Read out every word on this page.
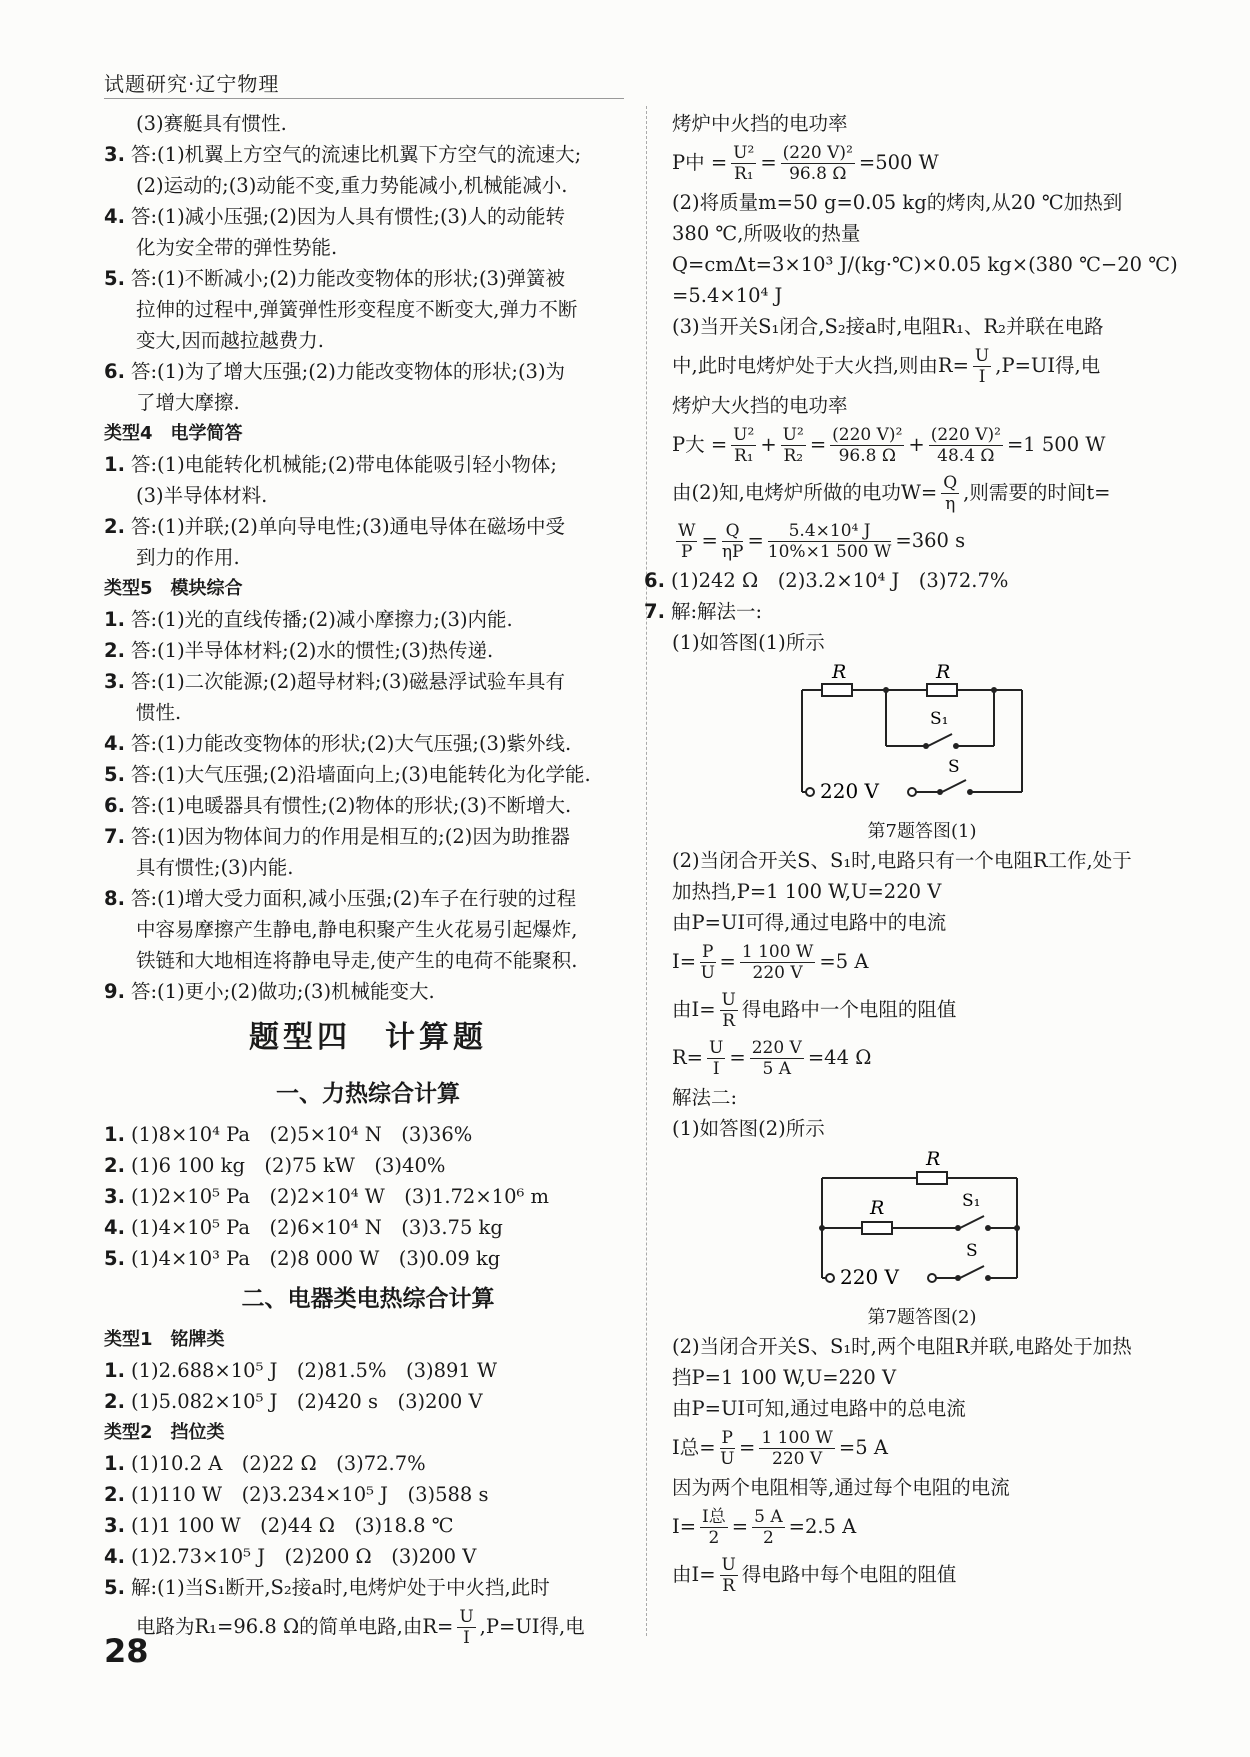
试题研究·辽宁物理
(3)赛艇具有惯性.
3. 答:(1)机翼上方空气的流速比机翼下方空气的流速大;
(2)运动的;(3)动能不变,重力势能减小,机械能减小.
4. 答:(1)减小压强;(2)因为人具有惯性;(3)人的动能转
化为安全带的弹性势能.
5. 答:(1)不断减小;(2)力能改变物体的形状;(3)弹簧被
拉伸的过程中,弹簧弹性形变程度不断变大,弹力不断
变大,因而越拉越费力.
6. 答:(1)为了增大压强;(2)力能改变物体的形状;(3)为
了增大摩擦.
类型4　电学简答
1. 答:(1)电能转化机械能;(2)带电体能吸引轻小物体;
(3)半导体材料.
2. 答:(1)并联;(2)单向导电性;(3)通电导体在磁场中受
到力的作用.
类型5　模块综合
1. 答:(1)光的直线传播;(2)减小摩擦力;(3)内能.
2. 答:(1)半导体材料;(2)水的惯性;(3)热传递.
3. 答:(1)二次能源;(2)超导材料;(3)磁悬浮试验车具有
惯性.
4. 答:(1)力能改变物体的形状;(2)大气压强;(3)紫外线.
5. 答:(1)大气压强;(2)沿墙面向上;(3)电能转化为化学能.
6. 答:(1)电暖器具有惯性;(2)物体的形状;(3)不断增大.
7. 答:(1)因为物体间力的作用是相互的;(2)因为助推器
具有惯性;(3)内能.
8. 答:(1)增大受力面积,减小压强;(2)车子在行驶的过程
中容易摩擦产生静电,静电积聚产生火花易引起爆炸,
铁链和大地相连将静电导走,使产生的电荷不能聚积.
9. 答:(1)更小;(2)做功;(3)机械能变大.
题型四　计算题
一、力热综合计算
1. (1)8×10⁴ Pa　(2)5×10⁴ N　(3)36%
2. (1)6 100 kg　(2)75 kW　(3)40%
3. (1)2×10⁵ Pa　(2)2×10⁴ W　(3)1.72×10⁶ m
4. (1)4×10⁵ Pa　(2)6×10⁴ N　(3)3.75 kg
5. (1)4×10³ Pa　(2)8 000 W　(3)0.09 kg
二、电器类电热综合计算
类型1　铭牌类
1. (1)2.688×10⁵ J　(2)81.5%　(3)891 W
2. (1)5.082×10⁵ J　(2)420 s　(3)200 V
类型2　挡位类
1. (1)10.2 A　(2)22 Ω　(3)72.7%
2. (1)110 W　(2)3.234×10⁵ J　(3)588 s
3. (1)1 100 W　(2)44 Ω　(3)18.8 ℃
4. (1)2.73×10⁵ J　(2)200 Ω　(3)200 V
5. 解:(1)当S₁断开,S₂接a时,电烤炉处于中火挡,此时
电路为R₁=96.8 Ω的简单电路,由$R= \frac{U}{I} ,P=UI$得,电
烤炉中火挡的电功率
P中 = $\frac{\text{U²}}{\text{R₁}} = \frac{\text{(220 V)²}}{96.8 \Omega} =500$ W
(2)将质量m=50 g=0.05 kg的烤肉,从20 ℃加热到
380 ℃,所吸收的热量
Q=cmΔt=3×10³ J/(kg·℃)×0.05 kg×(380 ℃−20 ℃)
=5.4×10⁴ J
(3)当开关S₁闭合,S₂接a时,电阻R₁、R₂并联在电路
中,此时电烤炉处于大火挡,则由$R= \frac{U}{I} ,P=UI$得,电
烤炉大火挡的电功率
P大 = $\frac{\text{U²}}{\text{R₁}} + \frac{\text{U²}}{\text{R₂}} = \frac{\text{(220 V)²}}{96.8 \Omega} + \frac{\text{(220 V)²}}{48.4 \Omega} =1$ 500 W
由(2)知,电烤炉所做的电功$W= \frac{Q}{\eta}$ ,则需要的时间t=
$\frac{W}{P} = \frac{Q}{\eta P} = \frac{\text{5.4×10⁴ J}}{10\%\times 1 500 W} =360$ s
6. (1)242 Ω　(2)3.2×10⁴ J　(3)72.7%
7. 解:解法一:
(1)如答图(1)所示
R	R
S₁
220 V
S
第7题答图(1)
(2)当闭合开关S、S₁时,电路只有一个电阻R工作,处于
加热挡,P=1 100 W,U=220 V
由P=UI可得,通过电路中的电流
$I= \frac{P}{U} = \frac{1 100 W}{220 V} =5$ A
由$I= \frac{U}{R}$ 得电路中一个电阻的阻值
$R= \frac{U}{I} = \frac{220 V}{5 A} =44$ Ω
解法二:
(1)如答图(2)所示
R
R	S₁
220 V
S
第7题答图(2)
(2)当闭合开关S、S₁时,两个电阻R并联,电路处于加热
挡P=1 100 W,U=220 V
由P=UI可知,通过电路中的总电流
I总= $\frac{P}{U} = \frac{1 100 W}{220 V} =5$ A
因为两个电阻相等,通过每个电阻的电流
$I= \frac{\text{I总}}{2} = \frac{5 A}{2} =2.5$ A
由$I= \frac{U}{R}$ 得电路中每个电阻的阻值
28
